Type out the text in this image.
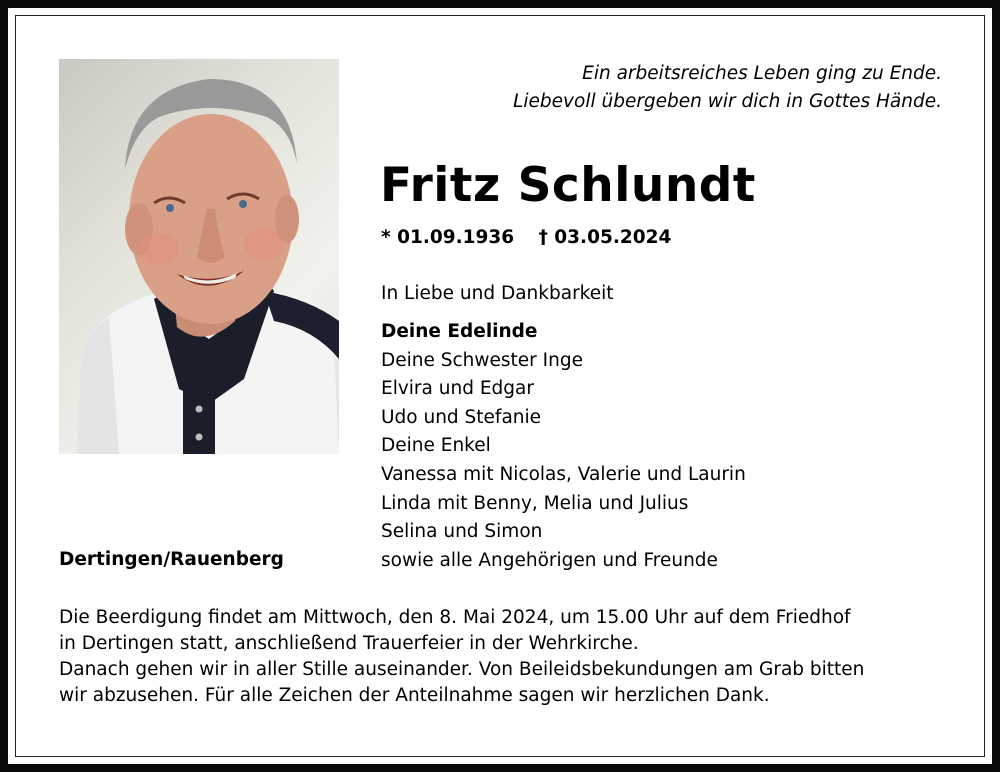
Ein arbeitsreiches Leben ging zu Ende.
Liebevoll übergeben wir dich in Gottes Hände.
Fritz Schlundt
* 01.09.1936 † 03.05.2024
In Liebe und Dankbarkeit
Deine Edelinde
Deine Schwester Inge
Elvira und Edgar
Udo und Stefanie
Deine Enkel
Vanessa mit Nicolas, Valerie und Laurin
Linda mit Benny, Melia und Julius
Selina und Simon
sowie alle Angehörigen und Freunde
Dertingen/Rauenberg
Die Beerdigung findet am Mittwoch, den 8. Mai 2024, um 15.00 Uhr auf dem Friedhof
in Dertingen statt, anschließend Trauerfeier in der Wehrkirche.
Danach gehen wir in aller Stille auseinander. Von Beileidsbekundungen am Grab bitten
wir abzusehen. Für alle Zeichen der Anteilnahme sagen wir herzlichen Dank.
